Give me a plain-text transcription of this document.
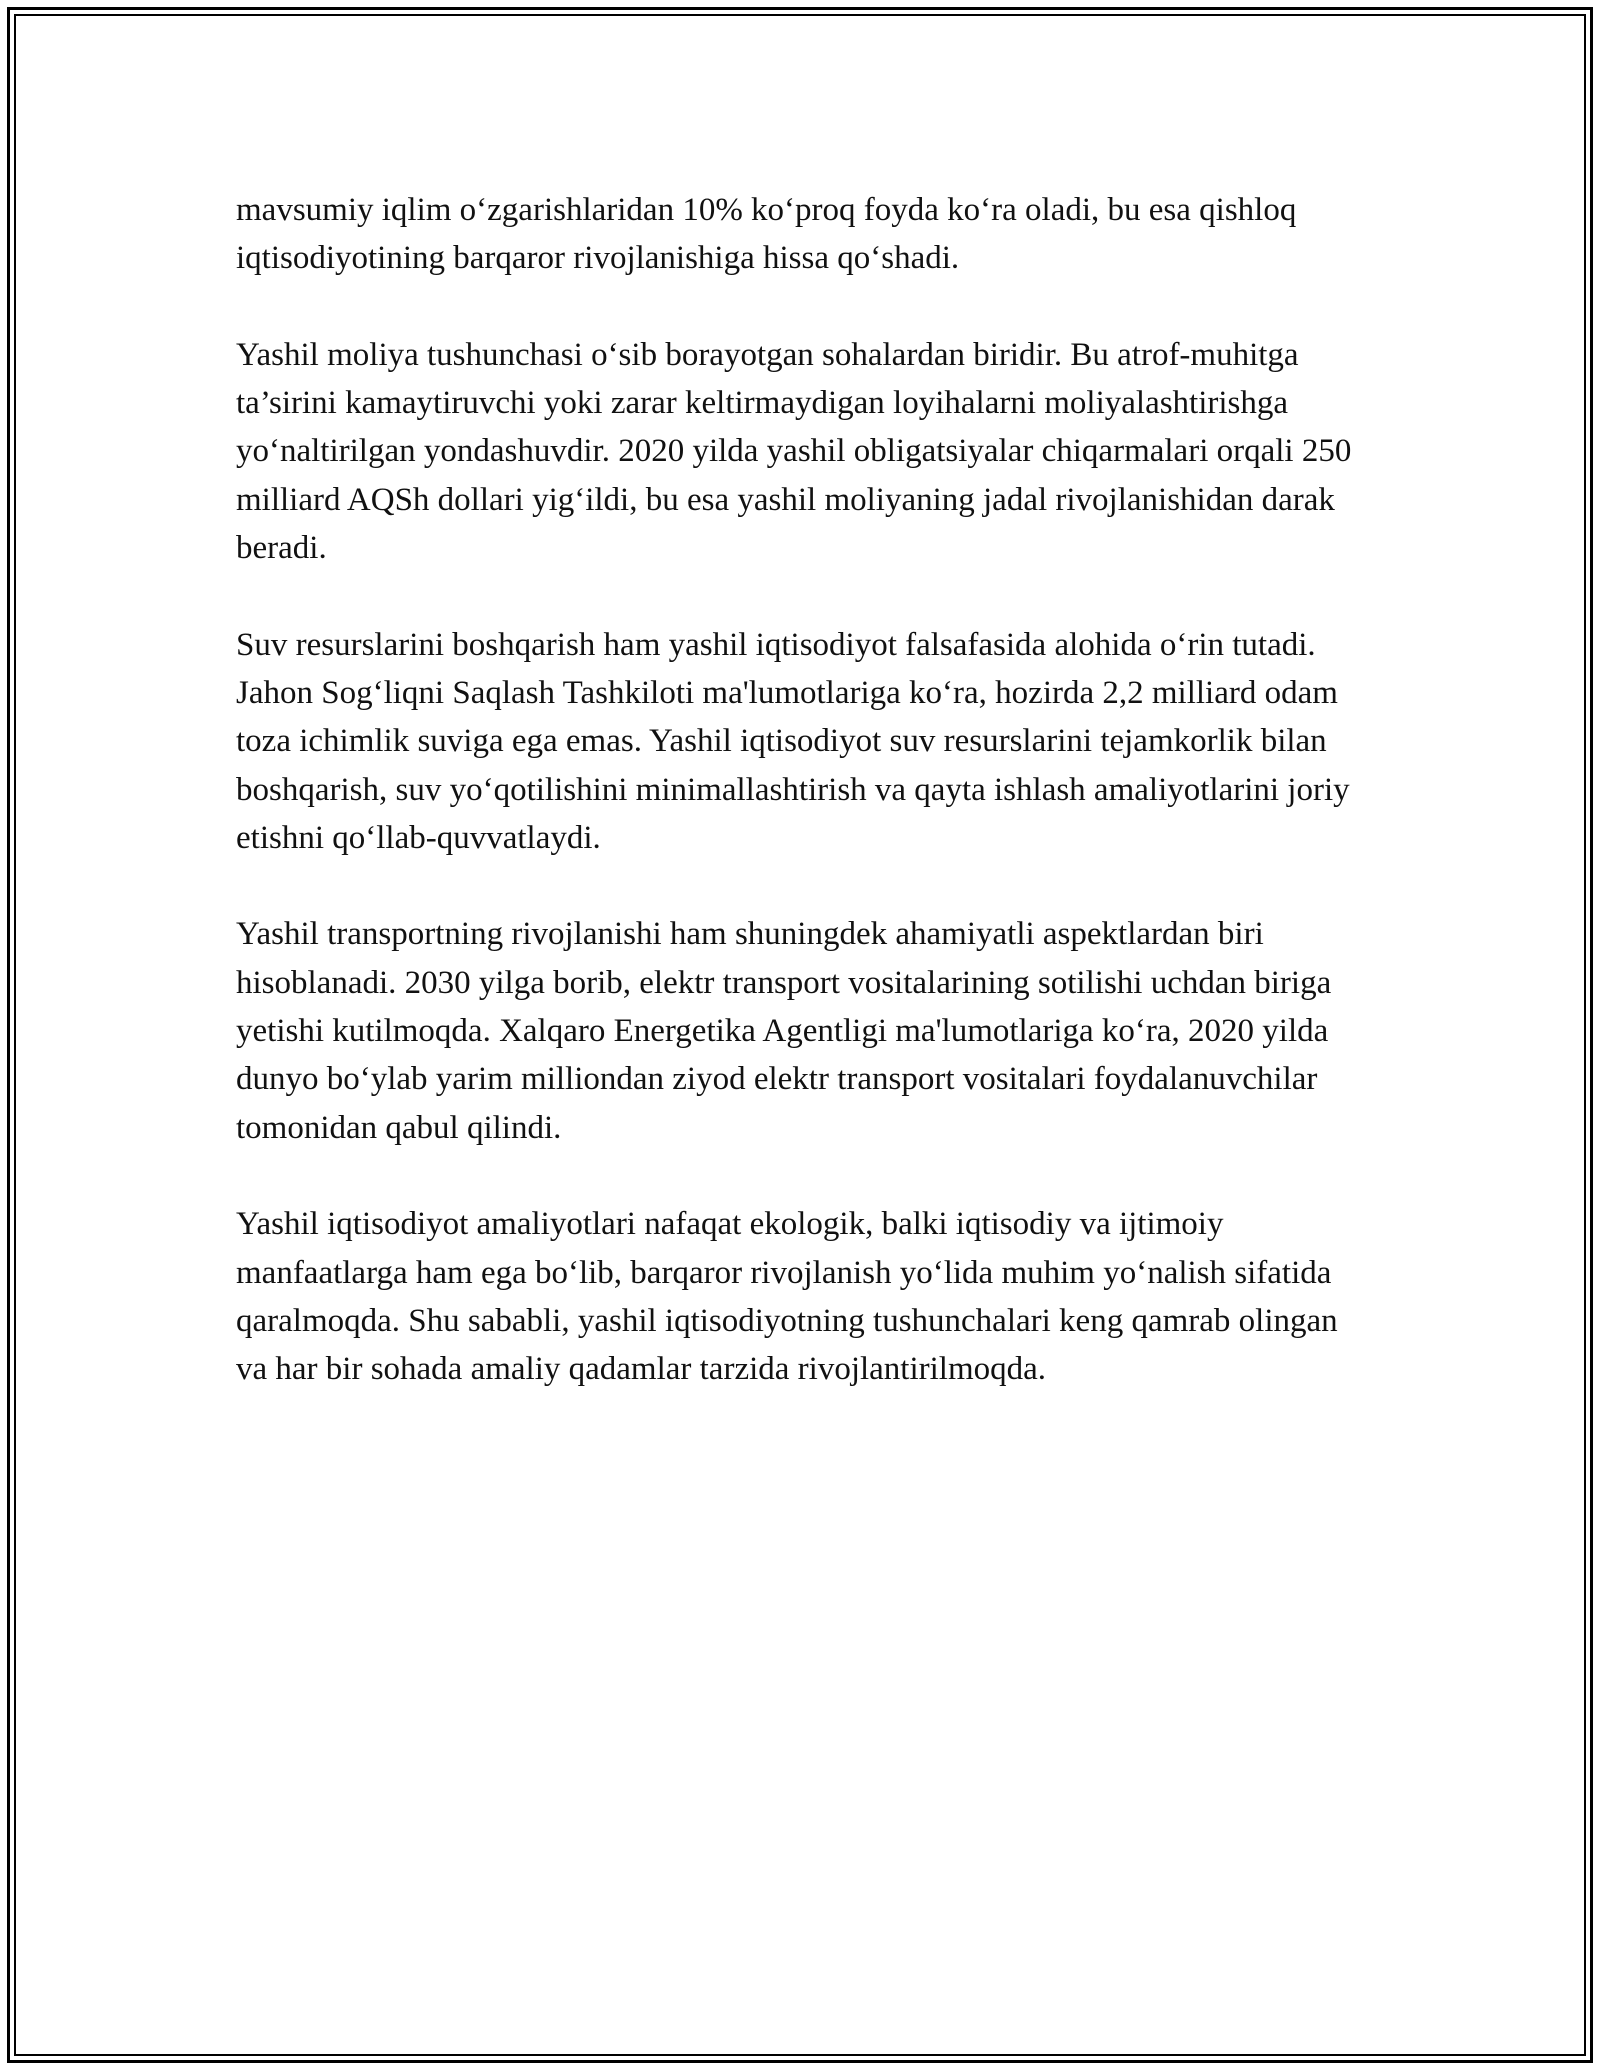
mavsumiy iqlim o‘zgarishlaridan 10% ko‘proq foyda ko‘ra oladi, bu esa qishloq iqtisodiyotining barqaror rivojlanishiga hissa qo‘shadi.

Yashil moliya tushunchasi o‘sib borayotgan sohalardan biridir. Bu atrof-muhitga ta’sirini kamaytiruvchi yoki zarar keltirmaydigan loyihalarni moliyalashtirishga yo‘naltirilgan yondashuvdir. 2020 yilda yashil obligatsiyalar chiqarmalari orqali 250 milliard AQSh dollari yig‘ildi, bu esa yashil moliyaning jadal rivojlanishidan darak beradi.

Suv resurslarini boshqarish ham yashil iqtisodiyot falsafasida alohida o‘rin tutadi. Jahon Sog‘liqni Saqlash Tashkiloti ma'lumotlariga ko‘ra, hozirda 2,2 milliard odam toza ichimlik suviga ega emas. Yashil iqtisodiyot suv resurslarini tejamkorlik bilan boshqarish, suv yo‘qotilishini minimallashtirish va qayta ishlash amaliyotlarini joriy etishni qo‘llab-quvvatlaydi.

Yashil transportning rivojlanishi ham shuningdek ahamiyatli aspektlardan biri hisoblanadi. 2030 yilga borib, elektr transport vositalarining sotilishi uchdan biriga yetishi kutilmoqda. Xalqaro Energetika Agentligi ma'lumotlariga ko‘ra, 2020 yilda dunyo bo‘ylab yarim milliondan ziyod elektr transport vositalari foydalanuvchilar tomonidan qabul qilindi.

Yashil iqtisodiyot amaliyotlari nafaqat ekologik, balki iqtisodiy va ijtimoiy manfaatlarga ham ega bo‘lib, barqaror rivojlanish yo‘lida muhim yo‘nalish sifatida qaralmoqda. Shu sababli, yashil iqtisodiyotning tushunchalari keng qamrab olingan va har bir sohada amaliy qadamlar tarzida rivojlantirilmoqda.
